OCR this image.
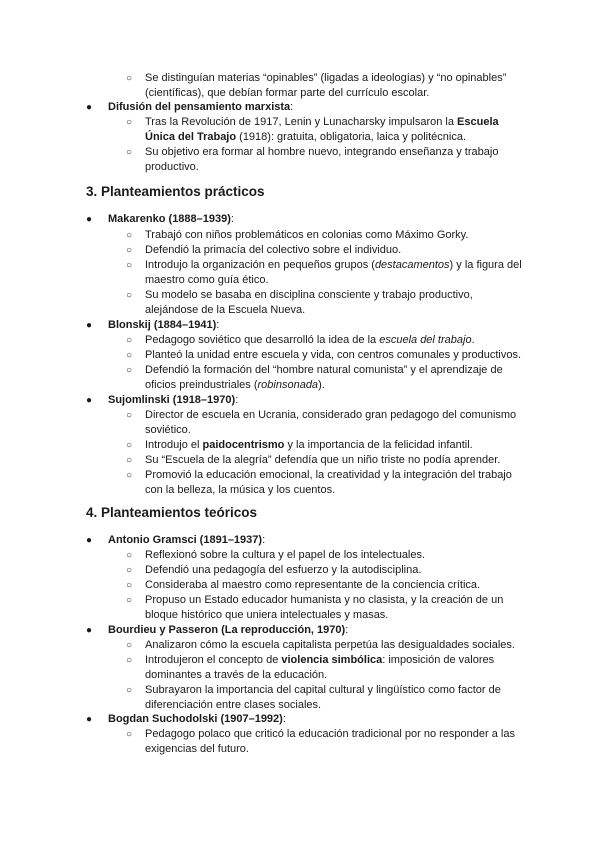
○ Se distinguían materias “opinables” (ligadas a ideologías) y “no opinables”
(científicas), que debían formar parte del currículo escolar.
● Difusión del pensamiento marxista:
○ Tras la Revolución de 1917, Lenin y Lunacharsky impulsaron la Escuela
Única del Trabajo (1918): gratuita, obligatoria, laica y politécnica.
○ Su objetivo era formar al hombre nuevo, integrando enseñanza y trabajo
productivo.
3. Planteamientos prácticos
● Makarenko (1888–1939):
○ Trabajó con niños problemáticos en colonias como Máximo Gorky.
○ Defendió la primacía del colectivo sobre el individuo.
○ Introdujo la organización en pequeños grupos (destacamentos) y la figura del
maestro como guía ético.
○ Su modelo se basaba en disciplina consciente y trabajo productivo,
alejándose de la Escuela Nueva.
● Blonskij (1884–1941):
○ Pedagogo soviético que desarrolló la idea de la escuela del trabajo.
○ Planteó la unidad entre escuela y vida, con centros comunales y productivos.
○ Defendió la formación del “hombre natural comunista” y el aprendizaje de
oficios preindustriales (robinsonada).
● Sujomlinski (1918–1970):
○ Director de escuela en Ucrania, considerado gran pedagogo del comunismo
soviético.
○ Introdujo el paidocentrismo y la importancia de la felicidad infantil.
○ Su “Escuela de la alegría” defendía que un niño triste no podía aprender.
○ Promovió la educación emocional, la creatividad y la integración del trabajo
con la belleza, la música y los cuentos.
4. Planteamientos teóricos
● Antonio Gramsci (1891–1937):
○ Reflexionó sobre la cultura y el papel de los intelectuales.
○ Defendió una pedagogía del esfuerzo y la autodisciplina.
○ Consideraba al maestro como representante de la conciencia crítica.
○ Propuso un Estado educador humanista y no clasista, y la creación de un
bloque histórico que uniera intelectuales y masas.
● Bourdieu y Passeron (La reproducción, 1970):
○ Analizaron cómo la escuela capitalista perpetúa las desigualdades sociales.
○ Introdujeron el concepto de violencia simbólica: imposición de valores
dominantes a través de la educación.
○ Subrayaron la importancia del capital cultural y lingüístico como factor de
diferenciación entre clases sociales.
● Bogdan Suchodolski (1907–1992):
○ Pedagogo polaco que criticó la educación tradicional por no responder a las
exigencias del futuro.
